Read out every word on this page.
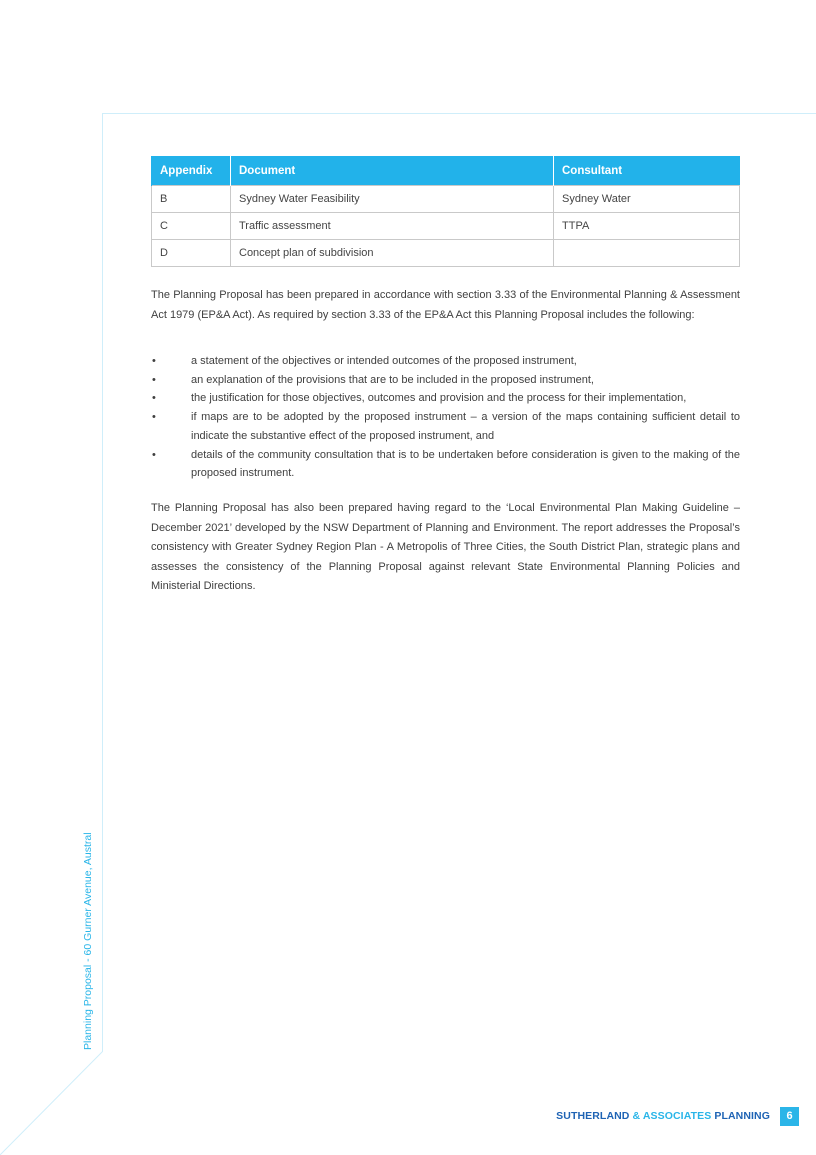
Planning Proposal - 60 Gurner Avenue, Austral
Appendix	Document	Consultant
B	Sydney Water Feasibility	Sydney Water
C	Traffic assessment	TTPA
D	Concept plan of subdivision	

The Planning Proposal has been prepared in accordance with section 3.33 of the Environmental Planning & Assessment Act 1979 (EP&A Act). As required by section 3.33 of the EP&A Act this Planning Proposal includes the following:

•	a statement of the objectives or intended outcomes of the proposed instrument,
•	an explanation of the provisions that are to be included in the proposed instrument,
•	the justification for those objectives, outcomes and provision and the process for their implementation,
•	if maps are to be adopted by the proposed instrument – a version of the maps containing sufficient detail to indicate the substantive effect of the proposed instrument, and
•	details of the community consultation that is to be undertaken before consideration is given to the making of the proposed instrument.

The Planning Proposal has also been prepared having regard to the ‘Local Environmental Plan Making Guideline – December 2021’ developed by the NSW Department of Planning and Environment. The report addresses the Proposal’s consistency with Greater Sydney Region Plan - A Metropolis of Three Cities, the South District Plan, strategic plans and assesses the consistency of the Planning Proposal against relevant State Environmental Planning Policies and Ministerial Directions.

SUTHERLAND & ASSOCIATES PLANNING	6
